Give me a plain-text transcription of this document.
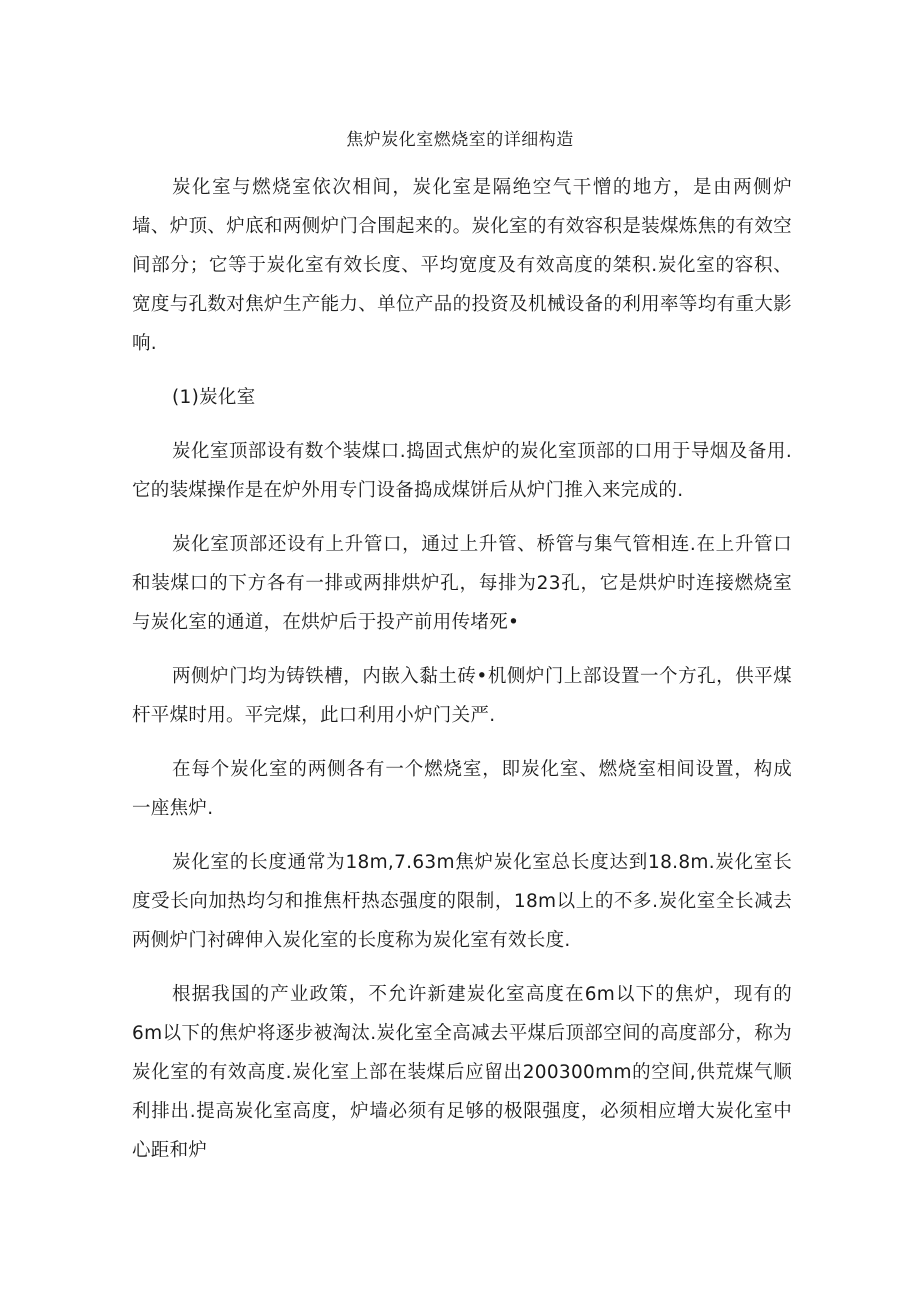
焦炉炭化室燃烧室的详细构造

炭化室与燃烧室依次相间，炭化室是隔绝空气干憎的地方，是由两侧炉墙、炉顶、炉底和两侧炉门合围起来的。炭化室的有效容积是装煤炼焦的有效空间部分；它等于炭化室有效长度、平均宽度及有效高度的桀积.炭化室的容积、宽度与孔数对焦炉生产能力、单位产品的投资及机械设备的利用率等均有重大影响.

(1)炭化室

炭化室顶部设有数个装煤口.捣固式焦炉的炭化室顶部的口用于导烟及备用.它的装煤操作是在炉外用专门设备捣成煤饼后从炉门推入来完成的.

炭化室顶部还设有上升管口，通过上升管、桥管与集气管相连.在上升管口和装煤口的下方各有一排或两排烘炉孔，每排为23孔，它是烘炉时连接燃烧室与炭化室的通道，在烘炉后于投产前用传堵死•

两侧炉门均为铸铁槽，内嵌入黏土砖•机侧炉门上部设置一个方孔，供平煤杆平煤时用。平完煤，此口利用小炉门关严.

在每个炭化室的两侧各有一个燃烧室，即炭化室、燃烧室相间设置，构成一座焦炉.

炭化室的长度通常为18m,7.63m焦炉炭化室总长度达到18.8m.炭化室长度受长向加热均匀和推焦杆热态强度的限制，18m以上的不多.炭化室全长减去两侧炉门衬碑伸入炭化室的长度称为炭化室有效长度.

根据我国的产业政策，不允许新建炭化室高度在6m以下的焦炉，现有的6m以下的焦炉将逐步被淘汰.炭化室全高减去平煤后顶部空间的高度部分，称为炭化室的有效高度.炭化室上部在装煤后应留出200300mm的空间,供荒煤气顺利排出.提高炭化室高度，炉墙必须有足够的极限强度，必须相应增大炭化室中心距和炉
